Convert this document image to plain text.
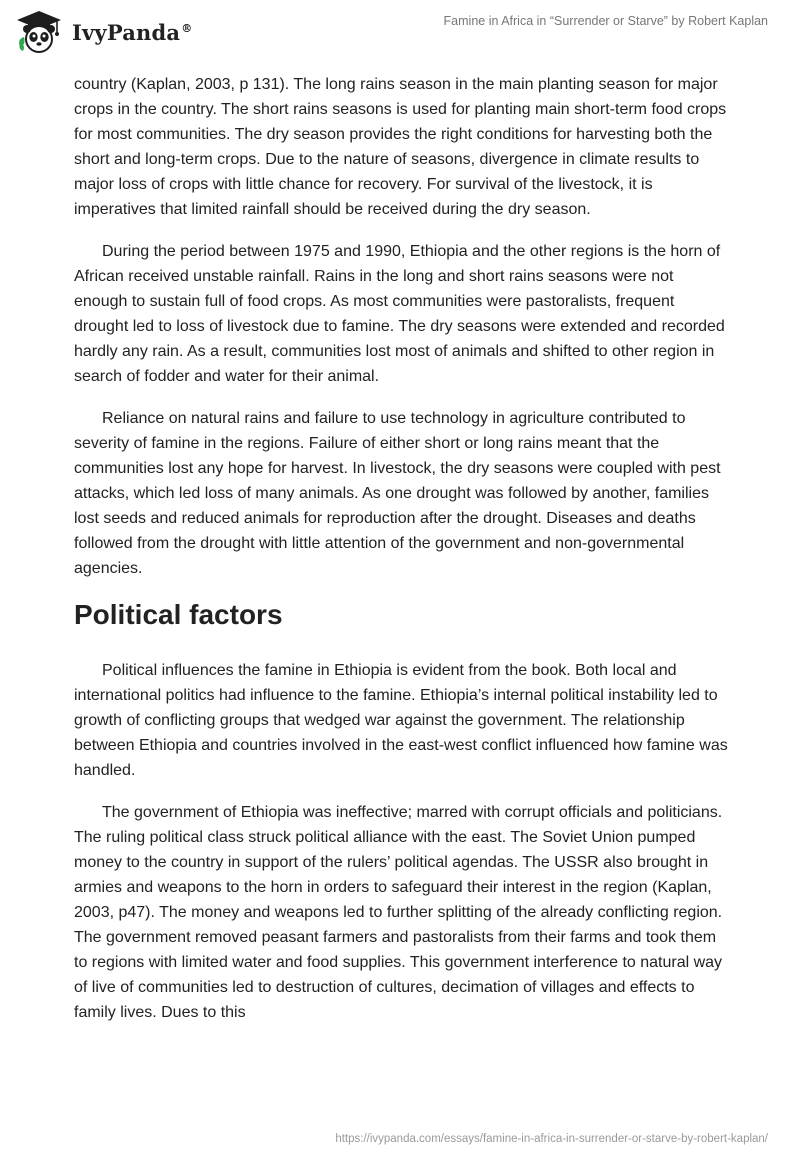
IvyPanda®	Famine in Africa in “Surrender or Starve” by Robert Kaplan

country (Kaplan, 2003, p 131). The long rains season in the main planting season for major crops in the country. The short rains seasons is used for planting main short-term food crops for most communities. The dry season provides the right conditions for harvesting both the short and long-term crops. Due to the nature of seasons, divergence in climate results to major loss of crops with little chance for recovery. For survival of the livestock, it is imperatives that limited rainfall should be received during the dry season.

During the period between 1975 and 1990, Ethiopia and the other regions is the horn of African received unstable rainfall. Rains in the long and short rains seasons were not enough to sustain full of food crops. As most communities were pastoralists, frequent drought led to loss of livestock due to famine. The dry seasons were extended and recorded hardly any rain. As a result, communities lost most of animals and shifted to other region in search of fodder and water for their animal.

Reliance on natural rains and failure to use technology in agriculture contributed to severity of famine in the regions. Failure of either short or long rains meant that the communities lost any hope for harvest. In livestock, the dry seasons were coupled with pest attacks, which led loss of many animals. As one drought was followed by another, families lost seeds and reduced animals for reproduction after the drought. Diseases and deaths followed from the drought with little attention of the government and non-governmental agencies.

Political factors

Political influences the famine in Ethiopia is evident from the book. Both local and international politics had influence to the famine. Ethiopia’s internal political instability led to growth of conflicting groups that wedged war against the government. The relationship between Ethiopia and countries involved in the east-west conflict influenced how famine was handled.

The government of Ethiopia was ineffective; marred with corrupt officials and politicians. The ruling political class struck political alliance with the east. The Soviet Union pumped money to the country in support of the rulers’ political agendas. The USSR also brought in armies and weapons to the horn in orders to safeguard their interest in the region (Kaplan, 2003, p47). The money and weapons led to further splitting of the already conflicting region. The government removed peasant farmers and pastoralists from their farms and took them to regions with limited water and food supplies. This government interference to natural way of live of communities led to destruction of cultures, decimation of villages and effects to family lives. Dues to this

https://ivypanda.com/essays/famine-in-africa-in-surrender-or-starve-by-robert-kaplan/
